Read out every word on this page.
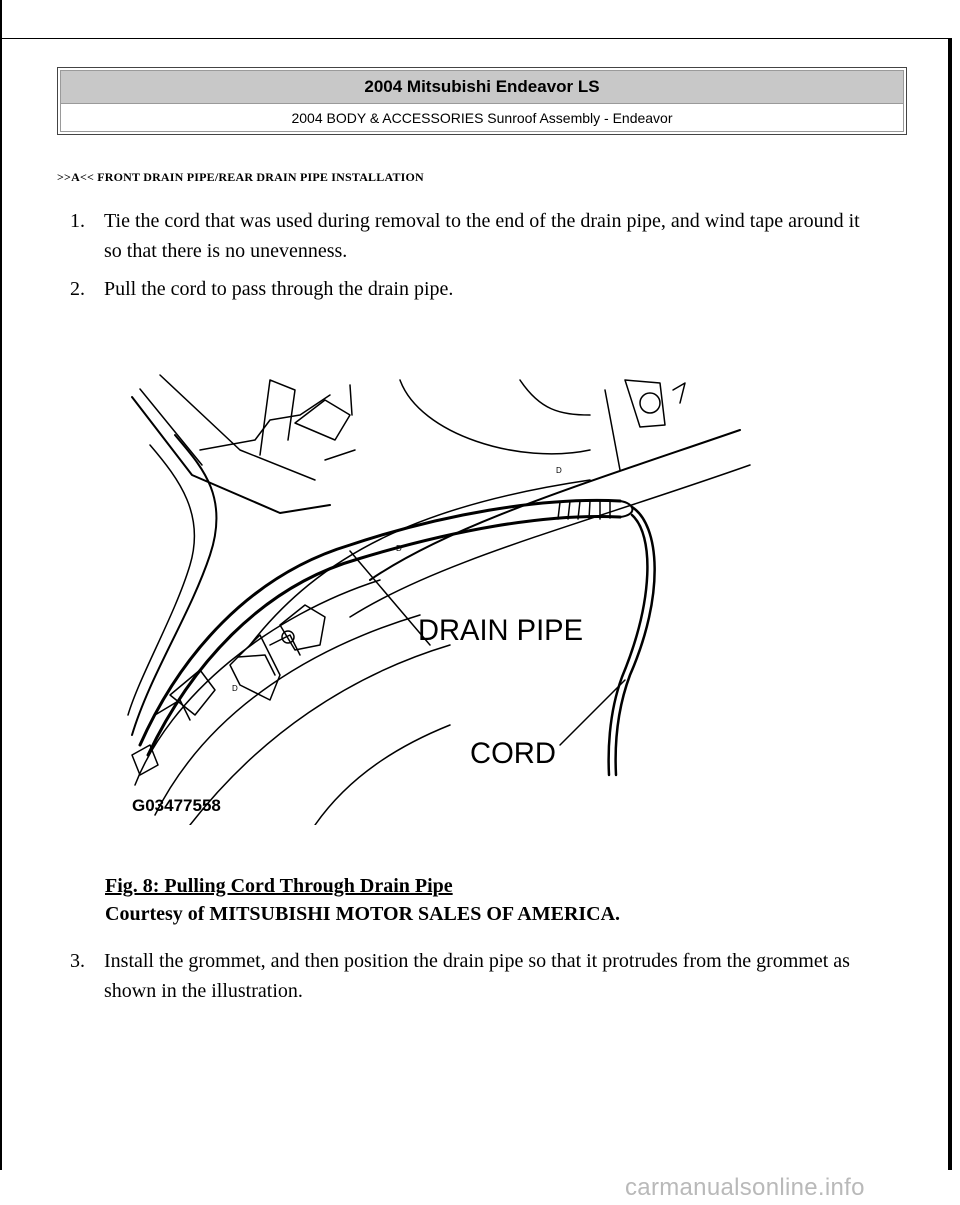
2004 Mitsubishi Endeavor LS
2004 BODY & ACCESSORIES Sunroof Assembly - Endeavor
>>A<< FRONT DRAIN PIPE/REAR DRAIN PIPE INSTALLATION
1. Tie the cord that was used during removal to the end of the drain pipe, and wind tape around it so that there is no unevenness.
2. Pull the cord to pass through the drain pipe.
DRAIN PIPE
CORD
G03477558
D
D
D
Fig. 8: Pulling Cord Through Drain Pipe
Courtesy of MITSUBISHI MOTOR SALES OF AMERICA.
3. Install the grommet, and then position the drain pipe so that it protrudes from the grommet as shown in the illustration.
carmanualsonline.info
